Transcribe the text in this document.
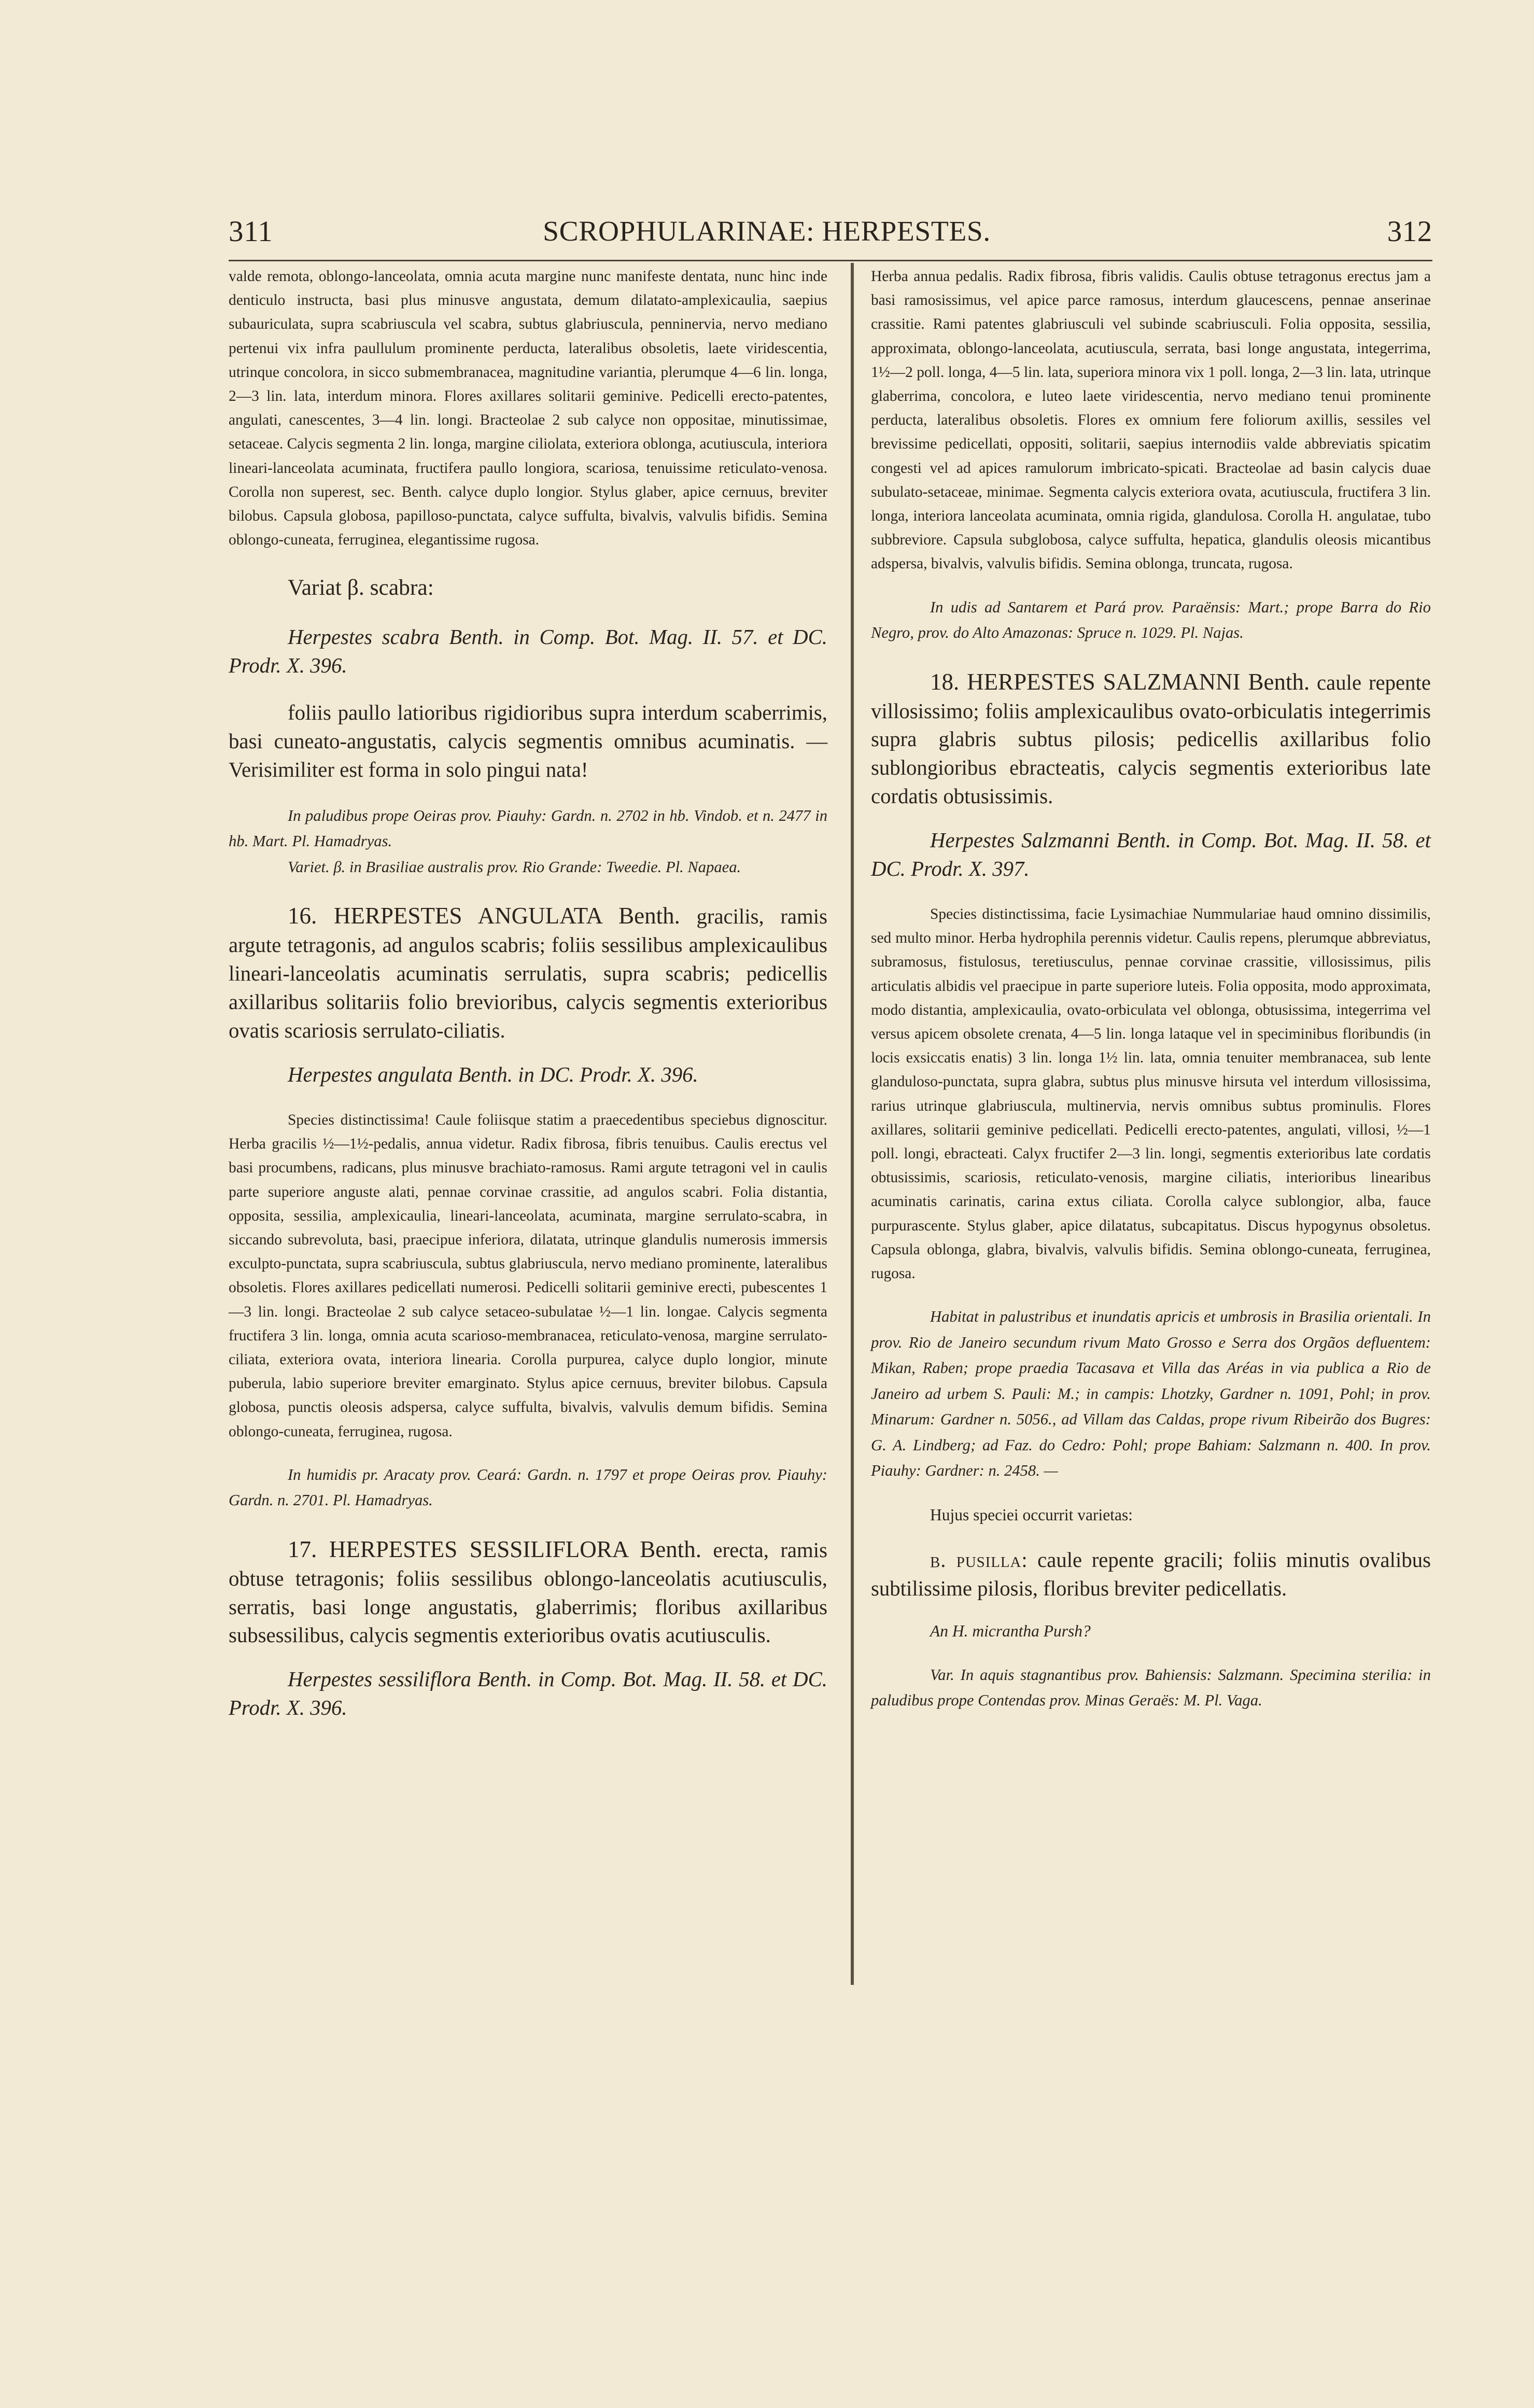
311	SCROPHULARINAE: HERPESTES.	312

valde remota, oblongo-lanceolata, omnia acuta margine nunc manifeste dentata, nunc hinc inde denticulo instructa, basi plus minusve angustata, demum dilatato-amplexicaulia, saepius subauriculata, supra scabriuscula vel scabra, subtus glabriuscula, penninervia, nervo mediano pertenui vix infra paullulum prominente perducta, lateralibus obsoletis, laete viridescentia, utrinque concolora, in sicco submembranacea, magnitudine variantia, plerumque 4—6 lin. longa, 2—3 lin. lata, interdum minora. Flores axillares solitarii geminive. Pedicelli erecto-patentes, angulati, canescentes, 3—4 lin. longi. Bracteolae 2 sub calyce non oppositae, minutissimae, setaceae. Calycis segmenta 2 lin. longa, margine ciliolata, exteriora oblonga, acutiuscula, interiora lineari-lanceolata acuminata, fructifera paullo longiora, scariosa, tenuissime reticulato-venosa. Corolla non superest, sec. Benth. calyce duplo longior. Stylus glaber, apice cernuus, breviter bilobus. Capsula globosa, papilloso-punctata, calyce suffulta, bivalvis, valvulis bifidis. Semina oblongo-cuneata, ferruginea, elegantissime rugosa.

Variat β. scabra:

Herpestes scabra Benth. in Comp. Bot. Mag. II. 57. et DC. Prodr. X. 396.

foliis paullo latioribus rigidioribus supra interdum scaberrimis, basi cuneato-angustatis, calycis segmentis omnibus acuminatis. — Verisimiliter est forma in solo pingui nata!

In paludibus prope Oeiras prov. Piauhy: Gardn. n. 2702 in hb. Vindob. et n. 2477 in hb. Mart. Pl. Hamadryas.

Variet. β. in Brasiliae australis prov. Rio Grande: Tweedie. Pl. Napaea.

16. HERPESTES ANGULATA Benth. gracilis, ramis argute tetragonis, ad angulos scabris; foliis sessilibus amplexicaulibus lineari-lanceolatis acuminatis serrulatis, supra scabris; pedicellis axillaribus solitariis folio brevioribus, calycis segmentis exterioribus ovatis scariosis serrulato-ciliatis.

Herpestes angulata Benth. in DC. Prodr. X. 396.

Species distinctissima! Caule foliisque statim a praecedentibus speciebus dignoscitur. Herba gracilis ½—1½-pedalis, annua videtur. Radix fibrosa, fibris tenuibus. Caulis erectus vel basi procumbens, radicans, plus minusve brachiato-ramosus. Rami argute tetragoni vel in caulis parte superiore anguste alati, pennae corvinae crassitie, ad angulos scabri. Folia distantia, opposita, sessilia, amplexicaulia, lineari-lanceolata, acuminata, margine serrulato-scabra, in siccando subrevoluta, basi, praecipue inferiora, dilatata, utrinque glandulis numerosis immersis exculpto-punctata, supra scabriuscula, subtus glabriuscula, nervo mediano prominente, lateralibus obsoletis. Flores axillares pedicellati numerosi. Pedicelli solitarii geminive erecti, pubescentes 1—3 lin. longi. Bracteolae 2 sub calyce setaceo-subulatae ½—1 lin. longae. Calycis segmenta fructifera 3 lin. longa, omnia acuta scarioso-membranacea, reticulato-venosa, margine serrulato-ciliata, exteriora ovata, interiora linearia. Corolla purpurea, calyce duplo longior, minute puberula, labio superiore breviter emarginato. Stylus apice cernuus, breviter bilobus. Capsula globosa, punctis oleosis adspersa, calyce suffulta, bivalvis, valvulis demum bifidis. Semina oblongo-cuneata, ferruginea, rugosa.

In humidis pr. Aracaty prov. Ceará: Gardn. n. 1797 et prope Oeiras prov. Piauhy: Gardn. n. 2701. Pl. Hamadryas.

17. HERPESTES SESSILIFLORA Benth. erecta, ramis obtuse tetragonis; foliis sessilibus oblongo-lanceolatis acutiusculis, serratis, basi longe angustatis, glaberrimis; floribus axillaribus subsessilibus, calycis segmentis exterioribus ovatis acutiusculis.

Herpestes sessiliflora Benth. in Comp. Bot. Mag. II. 58. et DC. Prodr. X. 396.

Herba annua pedalis. Radix fibrosa, fibris validis. Caulis obtuse tetragonus erectus jam a basi ramosissimus, vel apice parce ramosus, interdum glaucescens, pennae anserinae crassitie. Rami patentes glabriusculi vel subinde scabriusculi. Folia opposita, sessilia, approximata, oblongo-lanceolata, acutiuscula, serrata, basi longe angustata, integerrima, 1½—2 poll. longa, 4—5 lin. lata, superiora minora vix 1 poll. longa, 2—3 lin. lata, utrinque glaberrima, concolora, e luteo laete viridescentia, nervo mediano tenui prominente perducta, lateralibus obsoletis. Flores ex omnium fere foliorum axillis, sessiles vel brevissime pedicellati, oppositi, solitarii, saepius internodiis valde abbreviatis spicatim congesti vel ad apices ramulorum imbricato-spicati. Bracteolae ad basin calycis duae subulato-setaceae, minimae. Segmenta calycis exteriora ovata, acutiuscula, fructifera 3 lin. longa, interiora lanceolata acuminata, omnia rigida, glandulosa. Corolla H. angulatae, tubo subbreviore. Capsula subglobosa, calyce suffulta, hepatica, glandulis oleosis micantibus adspersa, bivalvis, valvulis bifidis. Semina oblonga, truncata, rugosa.

In udis ad Santarem et Pará prov. Paraënsis: Mart.; prope Barra do Rio Negro, prov. do Alto Amazonas: Spruce n. 1029. Pl. Najas.

18. HERPESTES SALZMANNI Benth. caule repente villosissimo; foliis amplexicaulibus ovato-orbiculatis integerrimis supra glabris subtus pilosis; pedicellis axillaribus folio sublongioribus ebracteatis, calycis segmentis exterioribus late cordatis obtusissimis.

Herpestes Salzmanni Benth. in Comp. Bot. Mag. II. 58. et DC. Prodr. X. 397.

Species distinctissima, facie Lysimachiae Nummulariae haud omnino dissimilis, sed multo minor. Herba hydrophila perennis videtur. Caulis repens, plerumque abbreviatus, subramosus, fistulosus, teretiusculus, pennae corvinae crassitie, villosissimus, pilis articulatis albidis vel praecipue in parte superiore luteis. Folia opposita, modo approximata, modo distantia, amplexicaulia, ovato-orbiculata vel oblonga, obtusissima, integerrima vel versus apicem obsolete crenata, 4—5 lin. longa lataque vel in speciminibus floribundis (in locis exsiccatis enatis) 3 lin. longa 1½ lin. lata, omnia tenuiter membranacea, sub lente glanduloso-punctata, supra glabra, subtus plus minusve hirsuta vel interdum villosissima, rarius utrinque glabriuscula, multinervia, nervis omnibus subtus prominulis. Flores axillares, solitarii geminive pedicellati. Pedicelli erecto-patentes, angulati, villosi, ½—1 poll. longi, ebracteati. Calyx fructifer 2—3 lin. longi, segmentis exterioribus late cordatis obtusissimis, scariosis, reticulato-venosis, margine ciliatis, interioribus linearibus acuminatis carinatis, carina extus ciliata. Corolla calyce sublongior, alba, fauce purpurascente. Stylus glaber, apice dilatatus, subcapitatus. Discus hypogynus obsoletus. Capsula oblonga, glabra, bivalvis, valvulis bifidis. Semina oblongo-cuneata, ferruginea, rugosa.

Habitat in palustribus et inundatis apricis et umbrosis in Brasilia orientali. In prov. Rio de Janeiro secundum rivum Mato Grosso e Serra dos Orgãos defluentem: Mikan, Raben; prope praedia Tacasava et Villa das Aréas in via publica a Rio de Janeiro ad urbem S. Pauli: M.; in campis: Lhotzky, Gardner n. 1091, Pohl; in prov. Minarum: Gardner n. 5056., ad Villam das Caldas, prope rivum Ribeirão dos Bugres: G. A. Lindberg; ad Faz. do Cedro: Pohl; prope Bahiam: Salzmann n. 400. In prov. Piauhy: Gardner: n. 2458. —

Hujus speciei occurrit varietas:

β. pusilla: caule repente gracili; foliis minutis ovalibus subtilissime pilosis, floribus breviter pedicellatis.

An H. micrantha Pursh?

Var. In aquis stagnantibus prov. Bahiensis: Salzmann. Specimina sterilia: in paludibus prope Contendas prov. Minas Geraës: M. Pl. Vaga.
